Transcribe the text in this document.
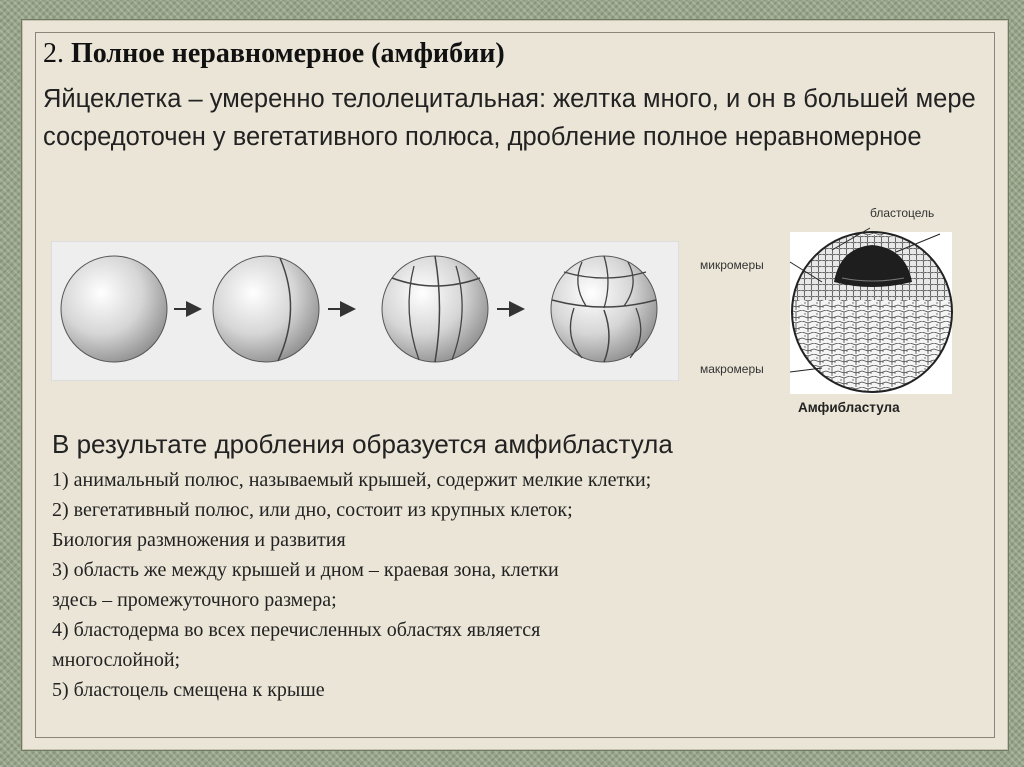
2. Полное неравномерное (амфибии)
Яйцеклетка – умеренно телолецитальная: желтка много, и он в большей мере сосредоточен у вегетативного полюса, дробление полное неравномерное
бластоцель
микромеры
макромеры
Амфибластула
В результате дробления образуется амфибластула
1) анимальный полюс, называемый крышей, содержит мелкие клетки;
2) вегетативный полюс, или дно, состоит из крупных клеток;
Биология размножения и развития
3) область же между крышей и дном – краевая зона, клетки
здесь – промежуточного размера;
4) бластодерма во всех перечисленных областях является
многослойной;
5) бластоцель смещена к крыше
